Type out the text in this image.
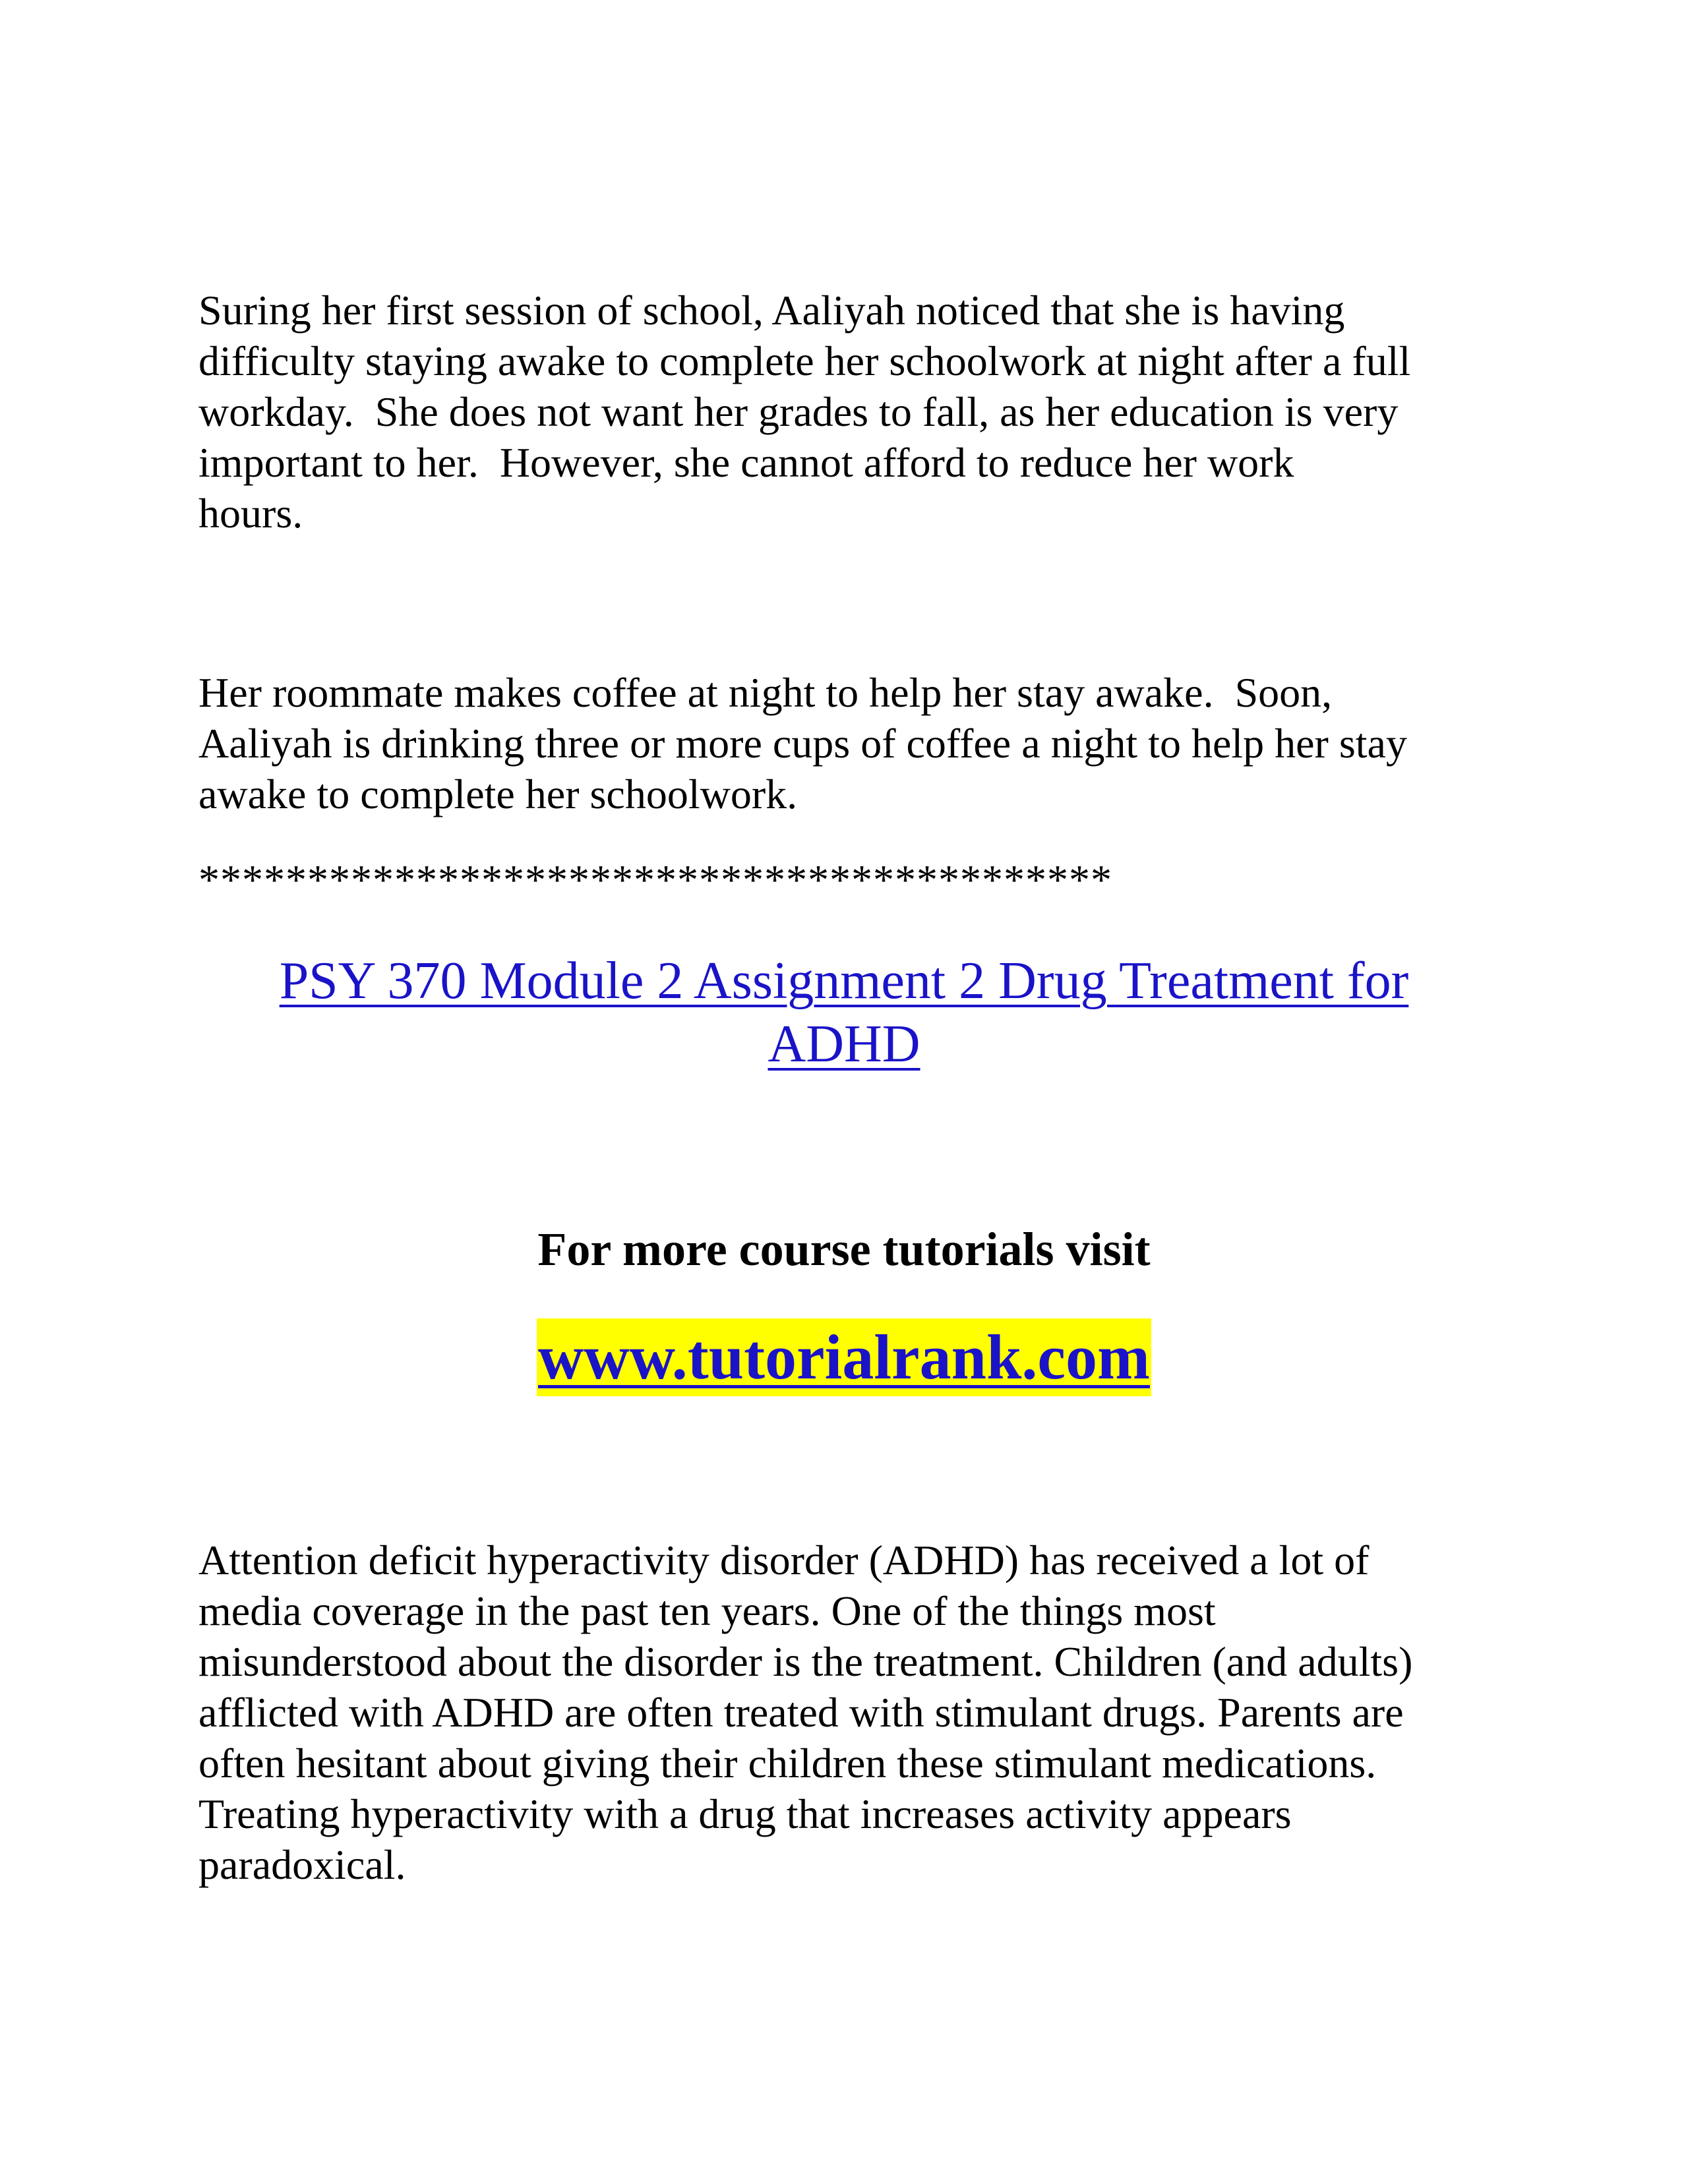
Suring her first session of school, Aaliyah noticed that she is having
difficulty staying awake to complete her schoolwork at night after a full
workday.  She does not want her grades to fall, as her education is very
important to her.  However, she cannot afford to reduce her work
hours.

Her roommate makes coffee at night to help her stay awake.  Soon,
Aaliyah is drinking three or more cups of coffee a night to help her stay
awake to complete her schoolwork.

******************************************

PSY 370 Module 2 Assignment 2 Drug Treatment for
ADHD

For more course tutorials visit

www.tutorialrank.com

Attention deficit hyperactivity disorder (ADHD) has received a lot of
media coverage in the past ten years. One of the things most
misunderstood about the disorder is the treatment. Children (and adults)
afflicted with ADHD are often treated with stimulant drugs. Parents are
often hesitant about giving their children these stimulant medications.
Treating hyperactivity with a drug that increases activity appears
paradoxical.
